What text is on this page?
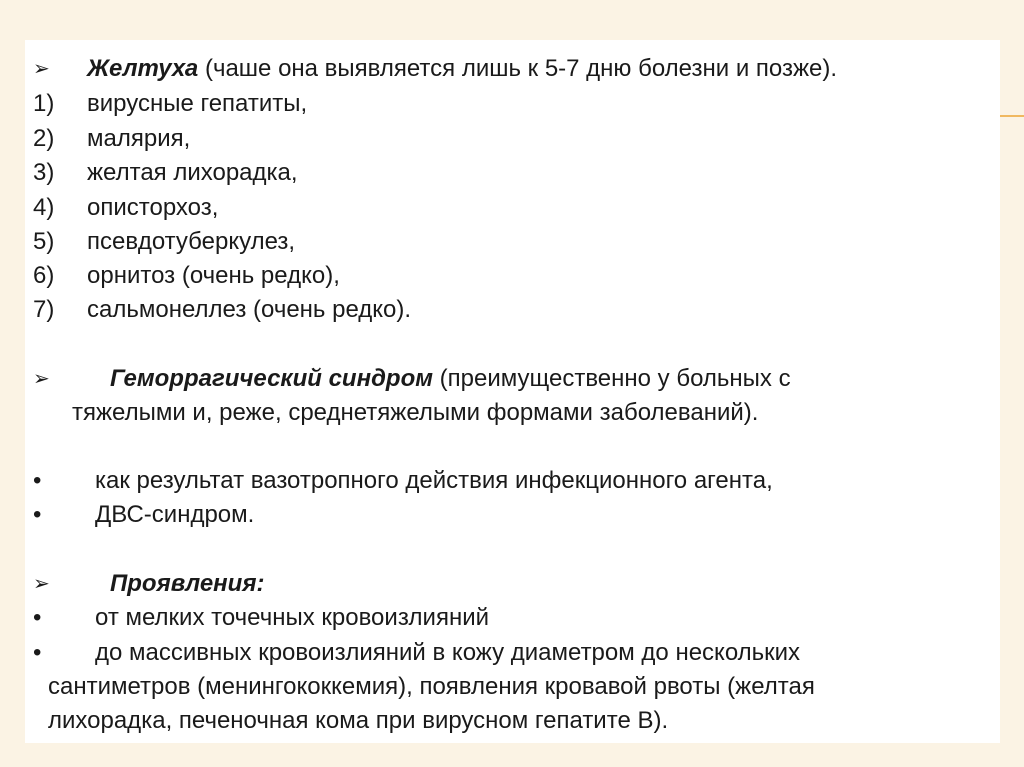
➢ Желтуха (чаше она выявляется лишь к 5-7 дню болезни и позже).
1) вирусные гепатиты,
2) малярия,
3) желтая лихорадка,
4) описторхоз,
5) псевдотуберкулез,
6) орнитоз (очень редко),
7) сальмонеллез (очень редко).
➢	Геморрагический синдром (преимущественно у больных с
тяжелыми и, реже, среднетяжелыми формами заболеваний).
• как результат вазотропного действия инфекционного агента,
• ДВС-синдром.
➢	Проявления:
• от мелких точечных кровоизлияний
• до массивных кровоизлияний в кожу диаметром до нескольких
сантиметров (менингококкемия), появления кровавой рвоты (желтая
лихорадка, печеночная кома при вирусном гепатите В).
